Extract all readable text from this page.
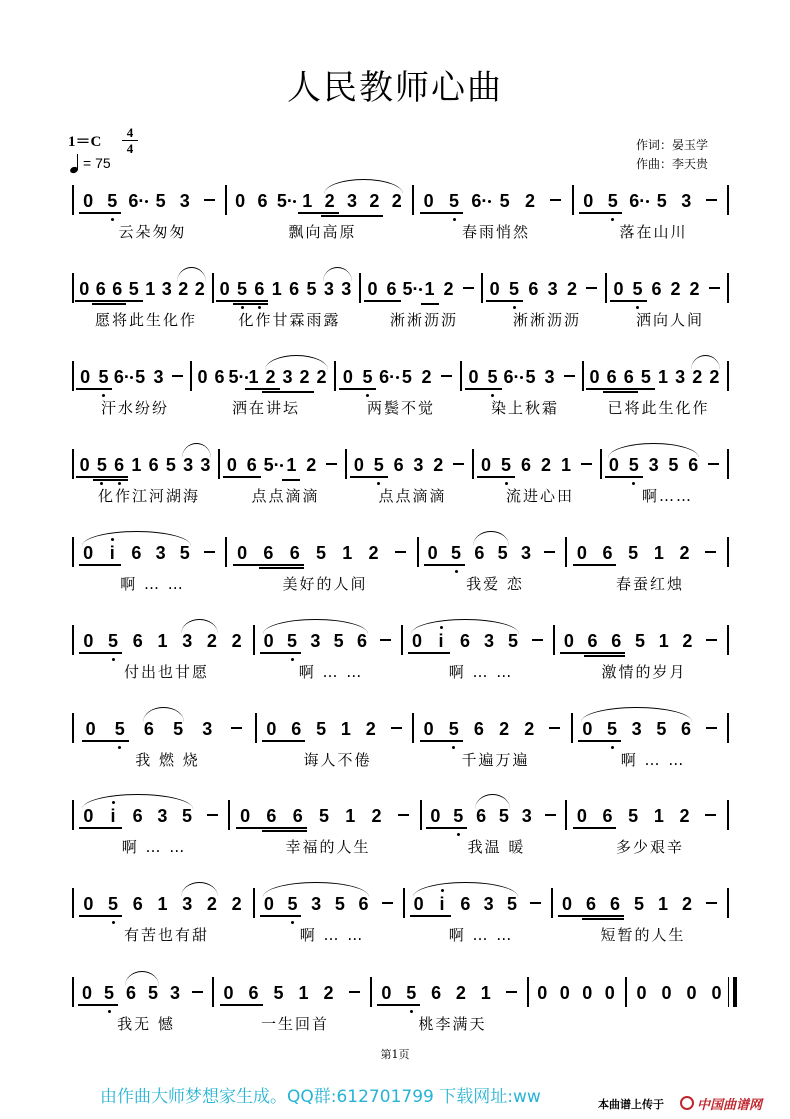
人民教师心曲
1＝C
4
4
= 75
作词：晏玉学
作曲：李天贵
0 5 6· 5 3
云朵匆匆
0 6 5· 1 2 3 2 2
飘向高原
0 5 6· 5 2
春雨悄然
0 5 6· 5 3
落在山川
0 6 6 5 1 3 2 2
愿将此生化作
0 5 6 1 6 5 3 3
化作甘霖雨露
0 6 5· 1 2
淅淅沥沥
0 5 6 3 2
淅淅沥沥
0 5 6 2 2
洒向人间
0 5 6· 5 3
汗水纷纷
0 6 5· 1 2 3 2 2
洒在讲坛
0 5 6· 5 2
两鬓不觉
0 5 6· 5 3
染上秋霜
0 6 6 5 1 3 2 2
已将此生化作
0 5 6 1 6 5 3 3
化作江河湖海
0 6 5· 1 2
点点滴滴
0 5 6 3 2
点点滴滴
0 5 6 2 1
流进心田
0 5 3 5 6
啊……
0 i 6 3 5
啊 … …
0 6 6 5 1 2
美好的人间
0 5 6 5 3
我爱 恋
0 6 5 1 2
春蚕红烛
0 5 6 1 3 2 2
付出也甘愿
0 5 3 5 6
啊 … …
0 i 6 3 5
啊 … …
0 6 6 5 1 2
激情的岁月
0	5	6	5	3
我 燃 烧
0 6 5 1 2
诲人不倦
0 5 6 2 2
千遍万遍
0 5 3 5 6
啊 … …
0 i 6 3 5
啊 … …
0 6 6 5 1 2
幸福的人生
0 5 6 5 3
我温 暖
0 6 5 1 2
多少艰辛
0 5 6 1 3 2 2
有苦也有甜
0 5 3 5 6
啊 … …
0 i 6 3 5
啊 … …
0 6 6 5 1 2
短暂的人生
0 5 6 5 3
我无 憾
0 6 5 1 2
一生回首
0 5 6 2 1
桃李满天
0 0 0 0	0 0 0 0
第1页
由作曲大师梦想家生成。QQ群:612701799 下载网址:ww	本曲谱上传于	中国曲谱网
